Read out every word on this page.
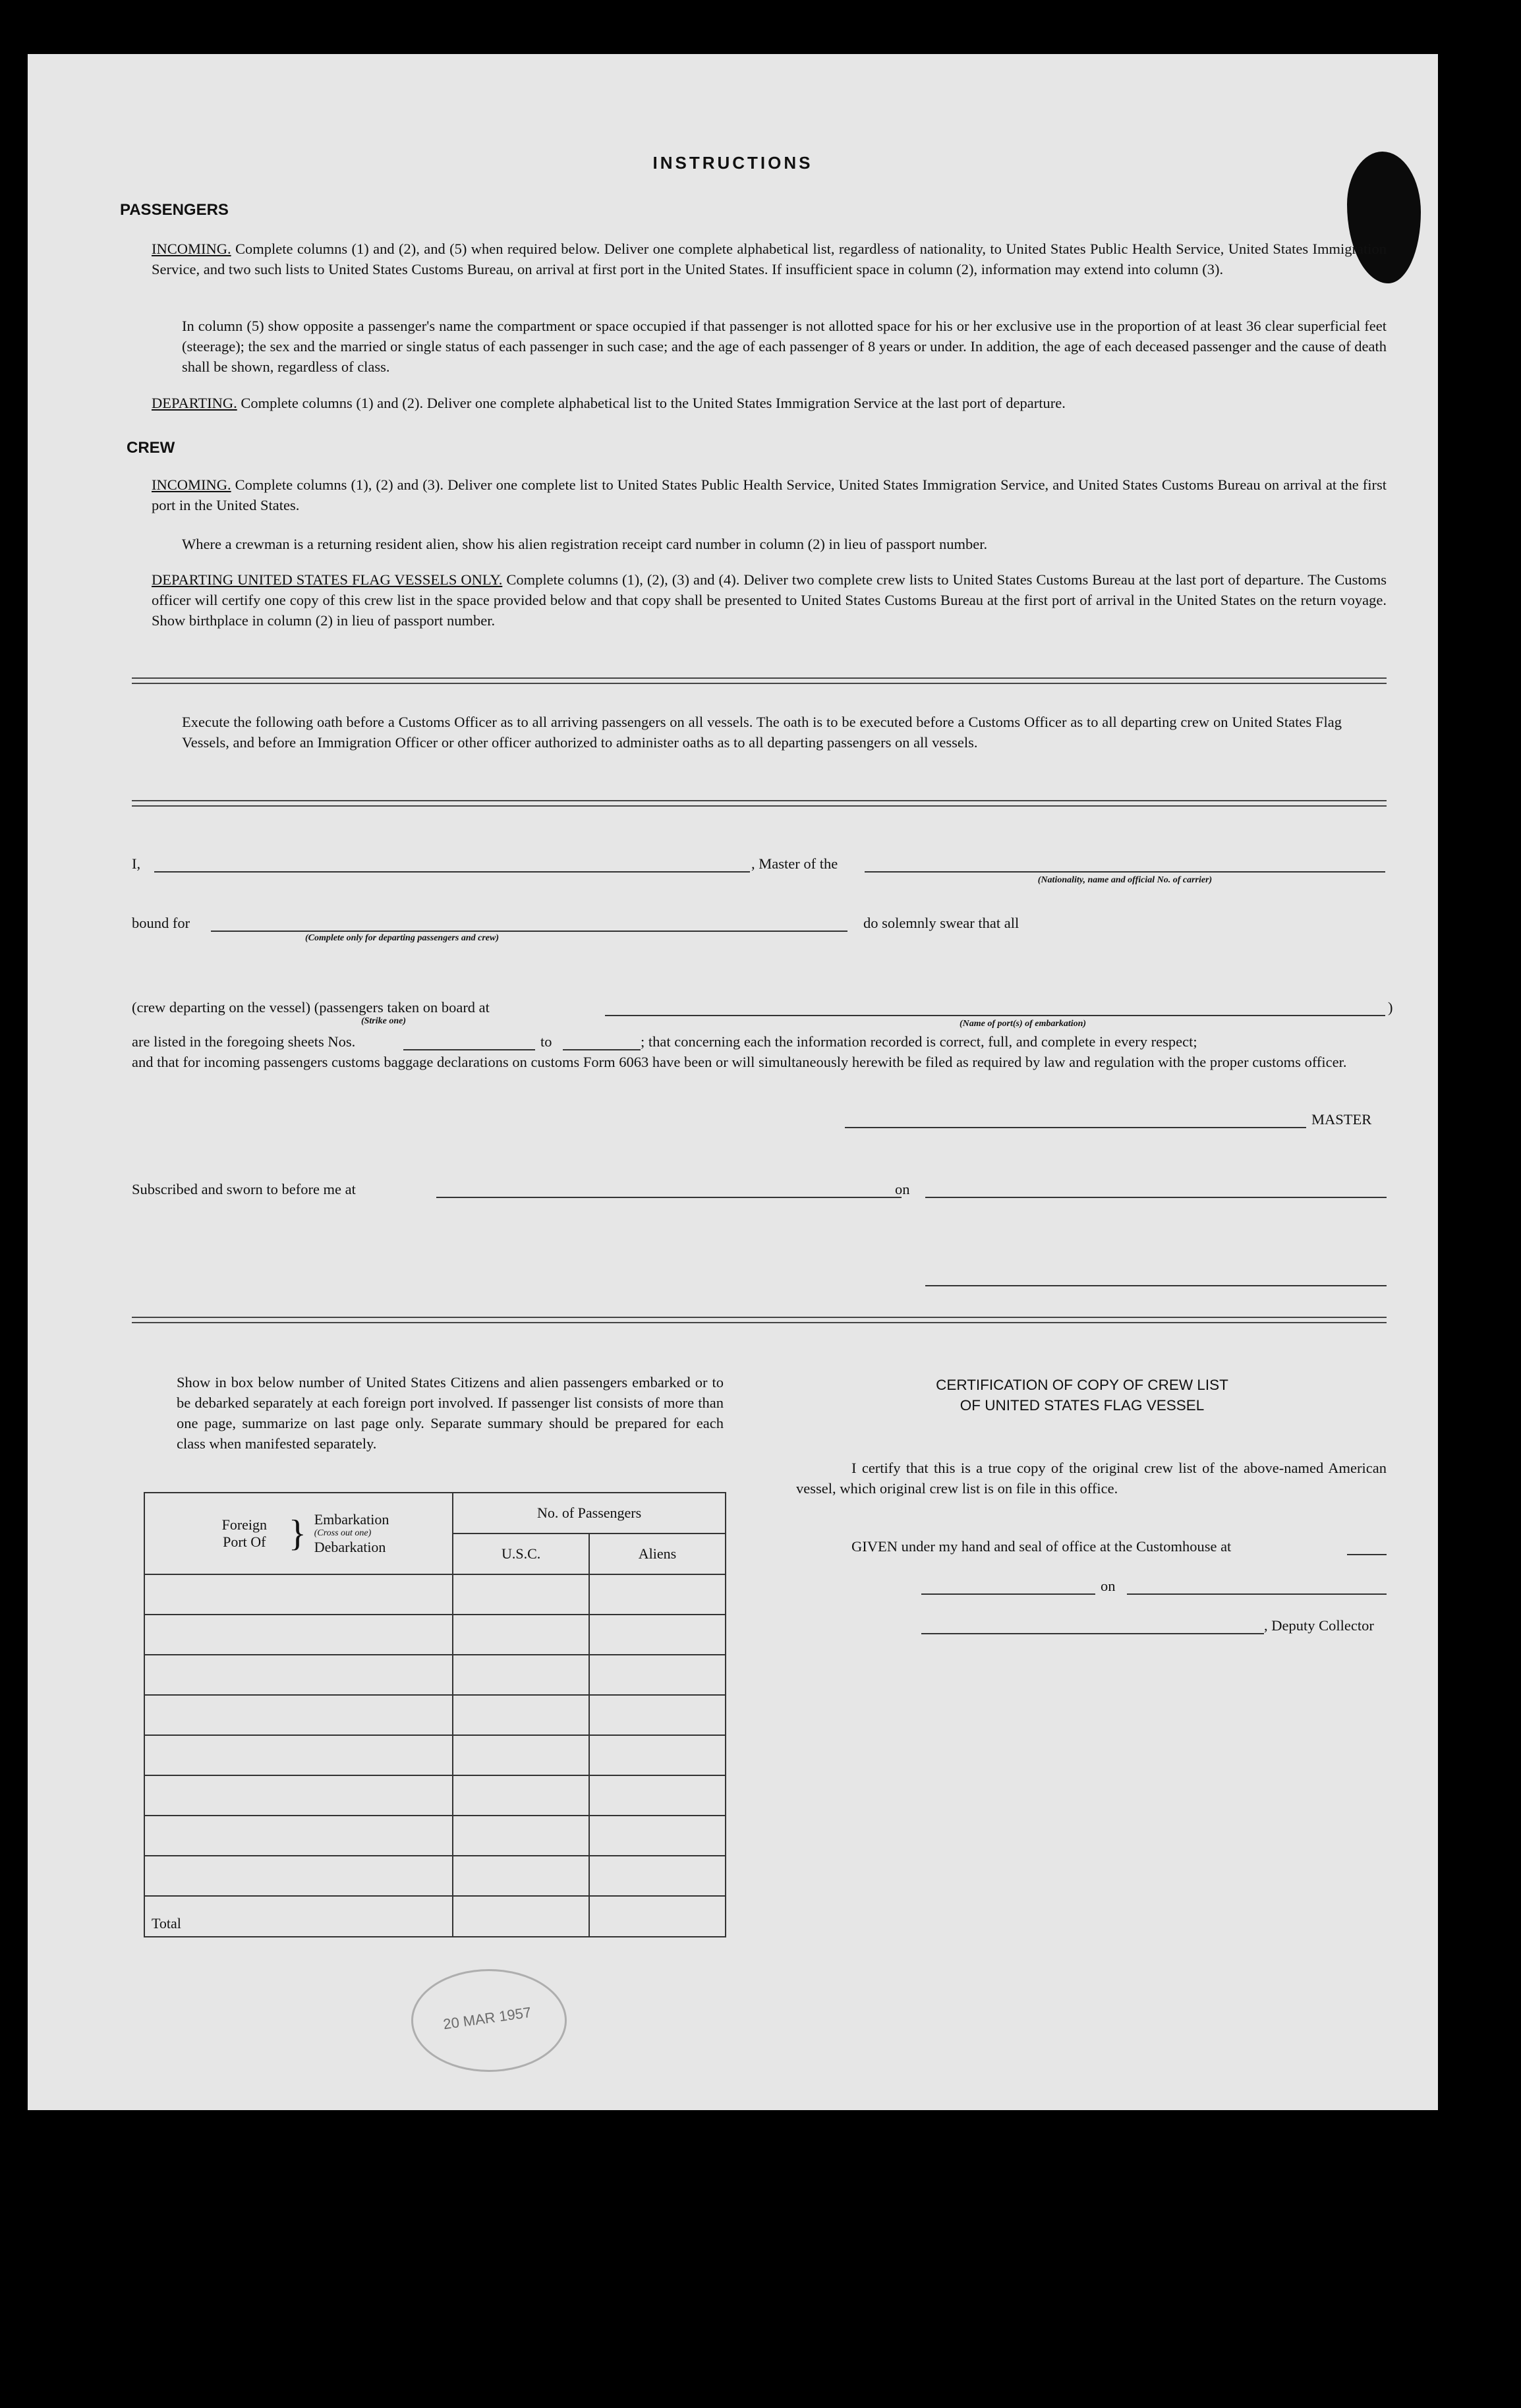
INSTRUCTIONS
PASSENGERS
INCOMING. Complete columns (1) and (2), and (5) when required below. Deliver one complete alphabetical list, regardless of nationality, to United States Public Health Service, United States Immigration Service, and two such lists to United States Customs Bureau, on arrival at first port in the United States. If insufficient space in column (2), information may extend into column (3).
In column (5) show opposite a passenger's name the compartment or space occupied if that passenger is not allotted space for his or her exclusive use in the proportion of at least 36 clear superficial feet (steerage); the sex and the married or single status of each passenger in such case; and the age of each passenger of 8 years or under. In addition, the age of each deceased passenger and the cause of death shall be shown, regardless of class.
DEPARTING. Complete columns (1) and (2). Deliver one complete alphabetical list to the United States Immigration Service at the last port of departure.
CREW
INCOMING. Complete columns (1), (2) and (3). Deliver one complete list to United States Public Health Service, United States Immigration Service, and United States Customs Bureau on arrival at the first port in the United States.
Where a crewman is a returning resident alien, show his alien registration receipt card number in column (2) in lieu of passport number.
DEPARTING UNITED STATES FLAG VESSELS ONLY. Complete columns (1), (2), (3) and (4). Deliver two complete crew lists to United States Customs Bureau at the last port of departure. The Customs officer will certify one copy of this crew list in the space provided below and that copy shall be presented to United States Customs Bureau at the first port of arrival in the United States on the return voyage. Show birthplace in column (2) in lieu of passport number.
Execute the following oath before a Customs Officer as to all arriving passengers on all vessels. The oath is to be executed before a Customs Officer as to all departing crew on United States Flag Vessels, and before an Immigration Officer or other officer authorized to administer oaths as to all departing passengers on all vessels.
I,	, Master of the
(Nationality, name and official No. of carrier)
bound for
(Complete only for departing passengers and crew)
do solemnly swear that all
(crew departing on the vessel) (passengers taken on board at
(Strike one)	(Name of port(s) of embarkation)
)
are listed in the foregoing sheets Nos.	to	; that concerning each the information recorded is correct, full, and complete in every respect;
and that for incoming passengers customs baggage declarations on customs Form 6063 have been or will simultaneously herewith be filed as required by law and regulation with the proper customs officer.
MASTER
Subscribed and sworn to before me at	on
Show in box below number of United States Citizens and alien passengers embarked or to be debarked separately at each foreign port involved. If passenger list consists of more than one page, summarize on last page only. Separate summary should be prepared for each class when manifested separately.
Foreign Port Of } Embarkation
(Cross out one)
Debarkation	No. of Passengers	
	U.S.C.	Aliens

Total		
CERTIFICATION OF COPY OF CREW LIST
OF UNITED STATES FLAG VESSEL
I certify that this is a true copy of the original crew list of the above-named American vessel, which original crew list is on file in this office.
GIVEN under my hand and seal of office at the Customhouse at
on
, Deputy Collector
20 MAR 1957
